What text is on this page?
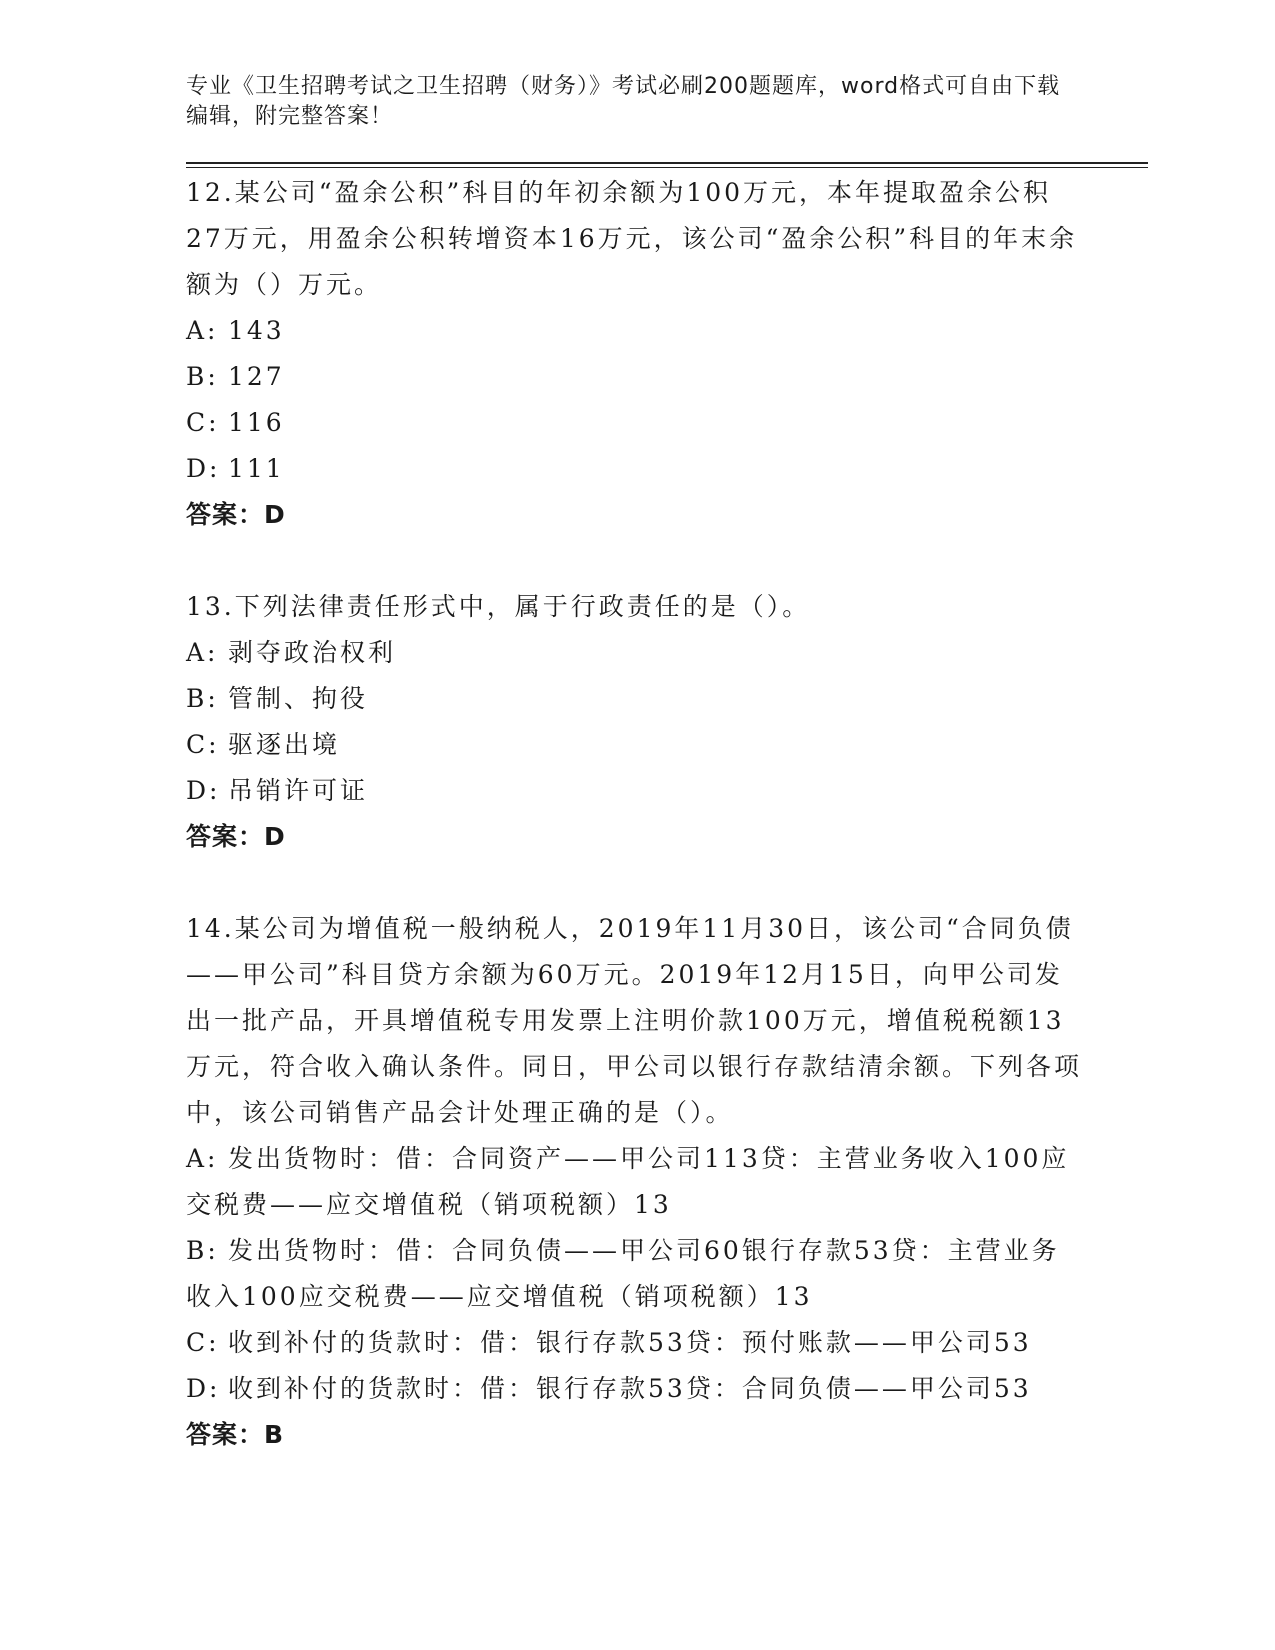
专业《卫生招聘考试之卫生招聘（财务）》考试必刷200题题库，word格式可自由下载编辑，附完整答案！

12.某公司“盈余公积”科目的年初余额为100万元，本年提取盈余公积27万元，用盈余公积转增资本16万元，该公司“盈余公积”科目的年末余额为（）万元。

A: 143

B: 127

C: 116

D: 111

答案：D

13.下列法律责任形式中，属于行政责任的是（）。

A: 剥夺政治权利

B: 管制、拘役

C: 驱逐出境

D: 吊销许可证

答案：D

14.某公司为增值税一般纳税人，2019年11月30日，该公司“合同负债——甲公司”科目贷方余额为60万元。2019年12月15日，向甲公司发出一批产品，开具增值税专用发票上注明价款100万元，增值税税额13万元，符合收入确认条件。同日，甲公司以银行存款结清余额。下列各项中，该公司销售产品会计处理正确的是（）。

A: 发出货物时：借：合同资产——甲公司113贷：主营业务收入100应交税费——应交增值税（销项税额）13

B: 发出货物时：借：合同负债——甲公司60银行存款53贷：主营业务收入100应交税费——应交增值税（销项税额）13

C: 收到补付的货款时：借：银行存款53贷：预付账款——甲公司53

D: 收到补付的货款时：借：银行存款53贷：合同负债——甲公司53

答案：B
